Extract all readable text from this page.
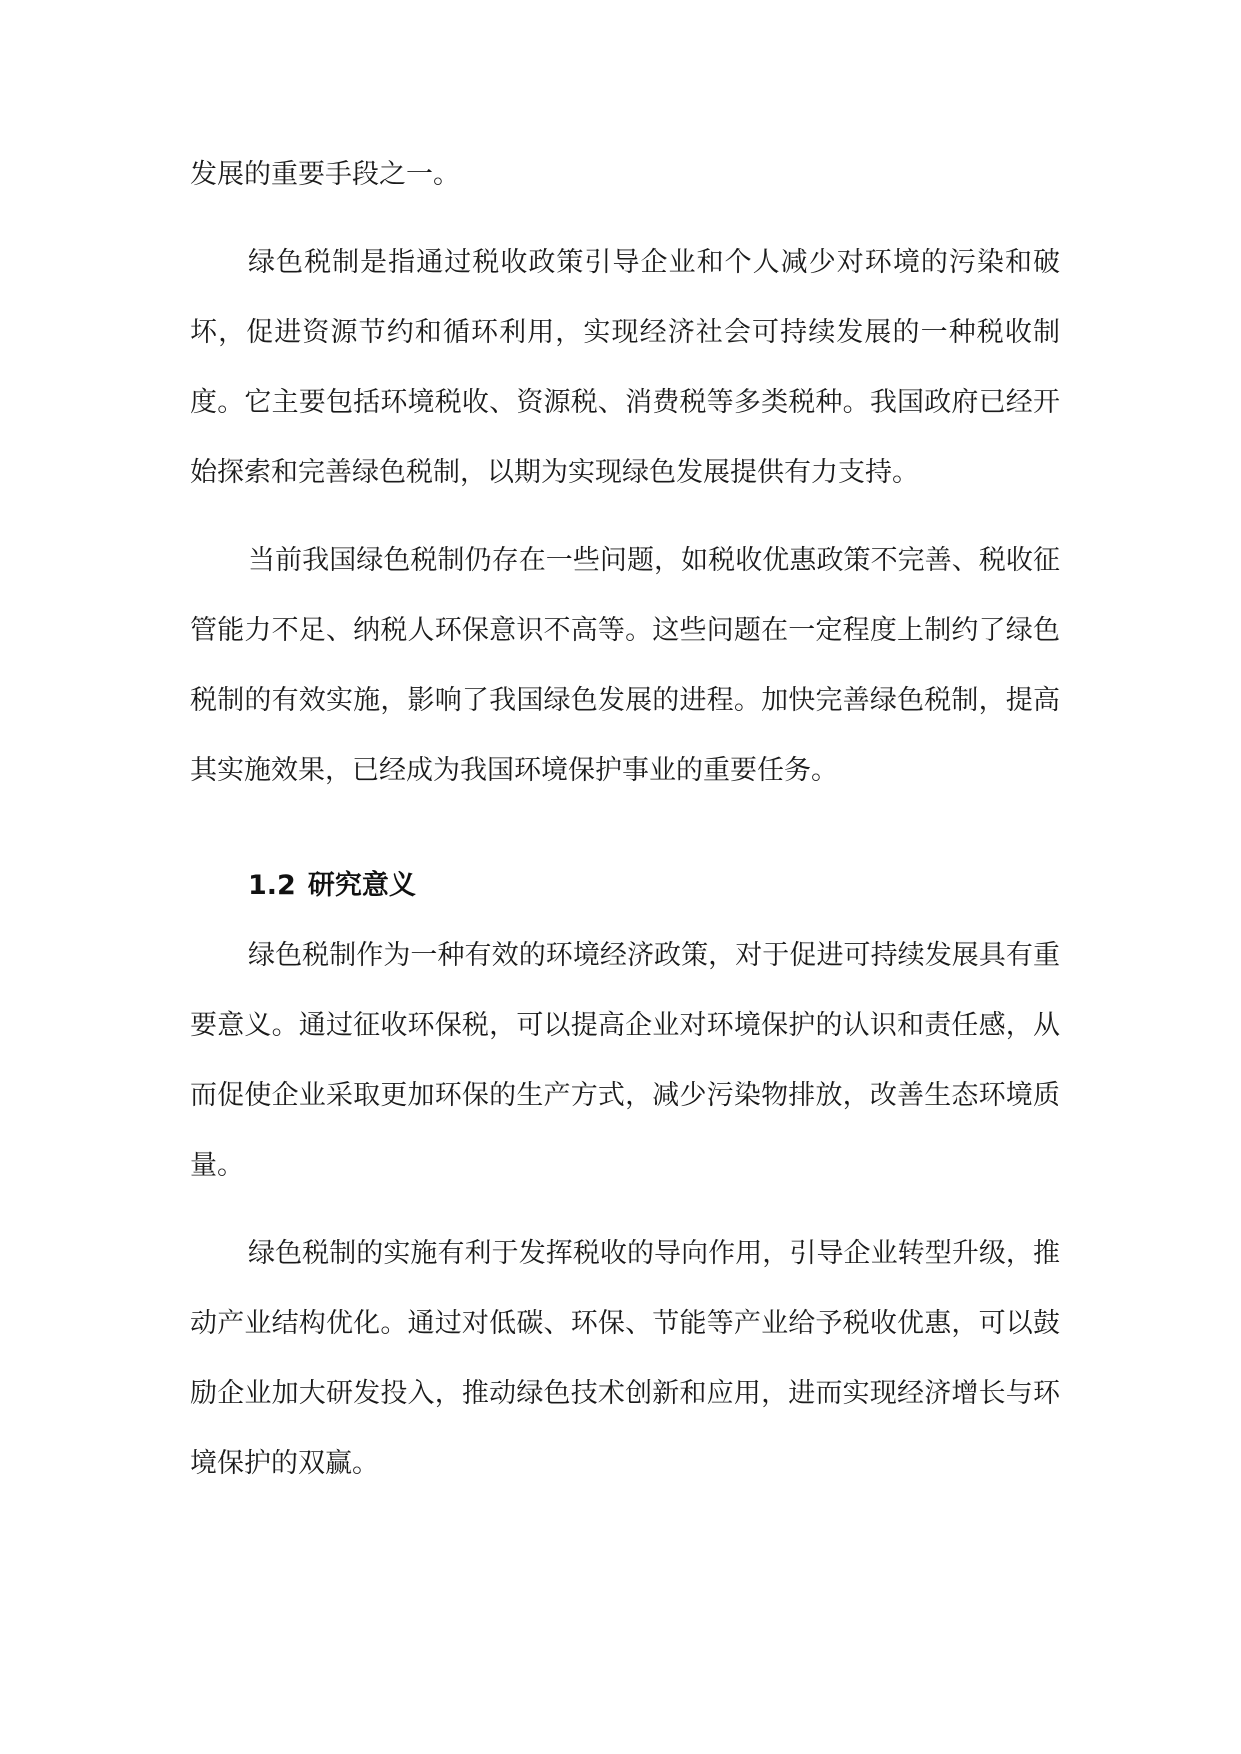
发展的重要手段之一。

绿色税制是指通过税收政策引导企业和个人减少对环境的污染和破坏，促进资源节约和循环利用，实现经济社会可持续发展的一种税收制度。它主要包括环境税收、资源税、消费税等多类税种。我国政府已经开始探索和完善绿色税制，以期为实现绿色发展提供有力支持。

当前我国绿色税制仍存在一些问题，如税收优惠政策不完善、税收征管能力不足、纳税人环保意识不高等。这些问题在一定程度上制约了绿色税制的有效实施，影响了我国绿色发展的进程。加快完善绿色税制，提高其实施效果，已经成为我国环境保护事业的重要任务。

1.2 研究意义

绿色税制作为一种有效的环境经济政策，对于促进可持续发展具有重要意义。通过征收环保税，可以提高企业对环境保护的认识和责任感，从而促使企业采取更加环保的生产方式，减少污染物排放，改善生态环境质量。

绿色税制的实施有利于发挥税收的导向作用，引导企业转型升级，推动产业结构优化。通过对低碳、环保、节能等产业给予税收优惠，可以鼓励企业加大研发投入，推动绿色技术创新和应用，进而实现经济增长与环境保护的双赢。
